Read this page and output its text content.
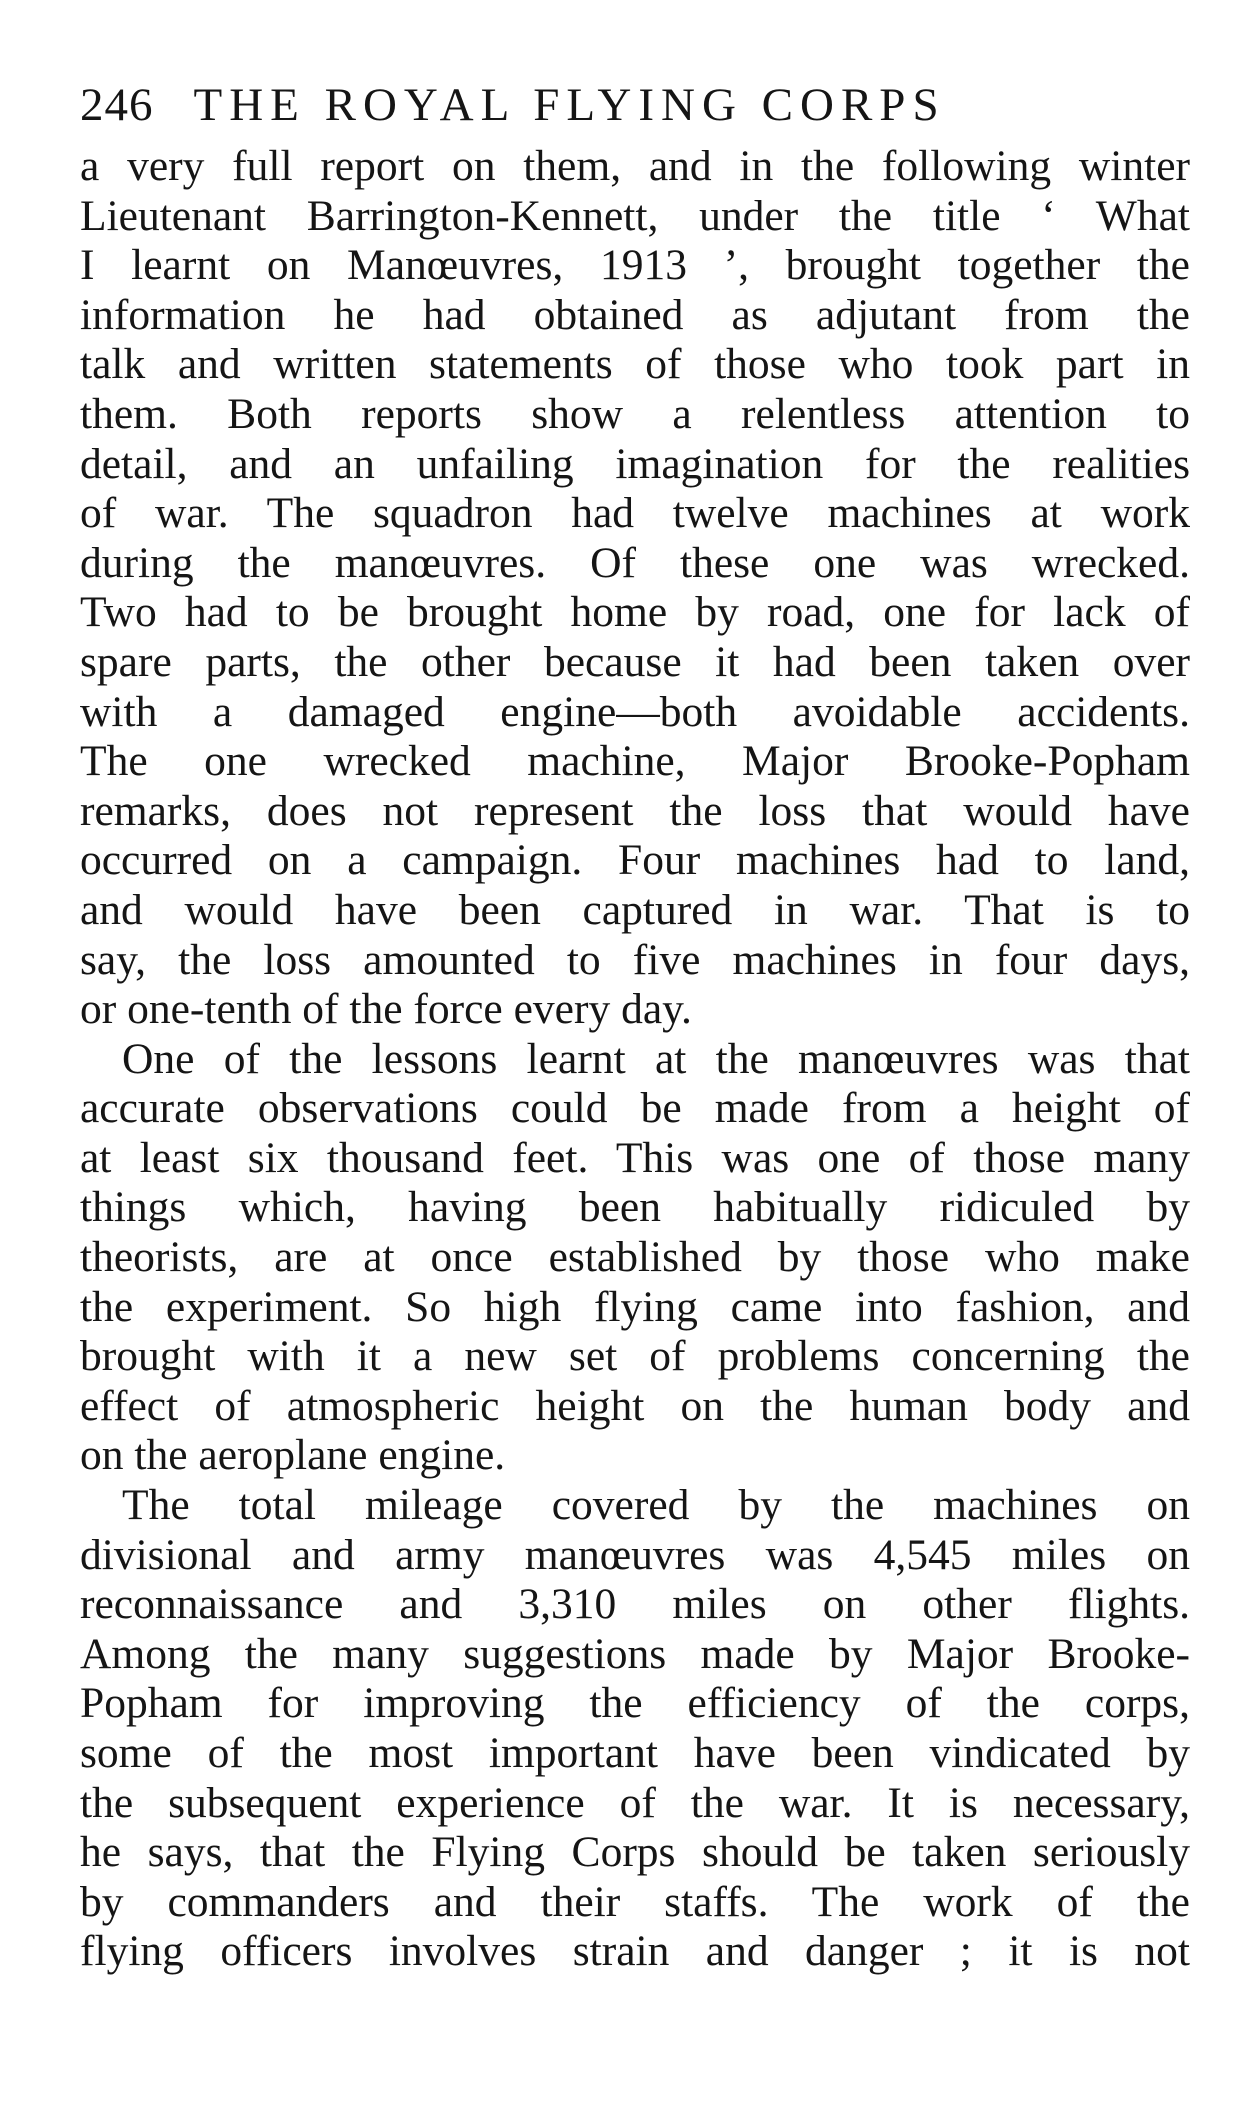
246 THE ROYAL FLYING CORPS
a very full report on them, and in the following winter
Lieutenant Barrington-Kennett, under the title ‘ What
I learnt on Manœuvres, 1913 ’, brought together the
information he had obtained as adjutant from the
talk and written statements of those who took part in
them. Both reports show a relentless attention to
detail, and an unfailing imagination for the realities
of war. The squadron had twelve machines at work
during the manœuvres. Of these one was wrecked.
Two had to be brought home by road, one for lack of
spare parts, the other because it had been taken over
with a damaged engine—both avoidable accidents.
The one wrecked machine, Major Brooke-Popham
remarks, does not represent the loss that would have
occurred on a campaign. Four machines had to land,
and would have been captured in war. That is to
say, the loss amounted to five machines in four days,
or one-tenth of the force every day.
One of the lessons learnt at the manœuvres was that
accurate observations could be made from a height of
at least six thousand feet. This was one of those many
things which, having been habitually ridiculed by
theorists, are at once established by those who make
the experiment. So high flying came into fashion, and
brought with it a new set of problems concerning the
effect of atmospheric height on the human body and
on the aeroplane engine.
The total mileage covered by the machines on
divisional and army manœuvres was 4,545 miles on
reconnaissance and 3,310 miles on other flights.
Among the many suggestions made by Major Brooke-
Popham for improving the efficiency of the corps,
some of the most important have been vindicated by
the subsequent experience of the war. It is necessary,
he says, that the Flying Corps should be taken seriously
by commanders and their staffs. The work of the
flying officers involves strain and danger ; it is not
